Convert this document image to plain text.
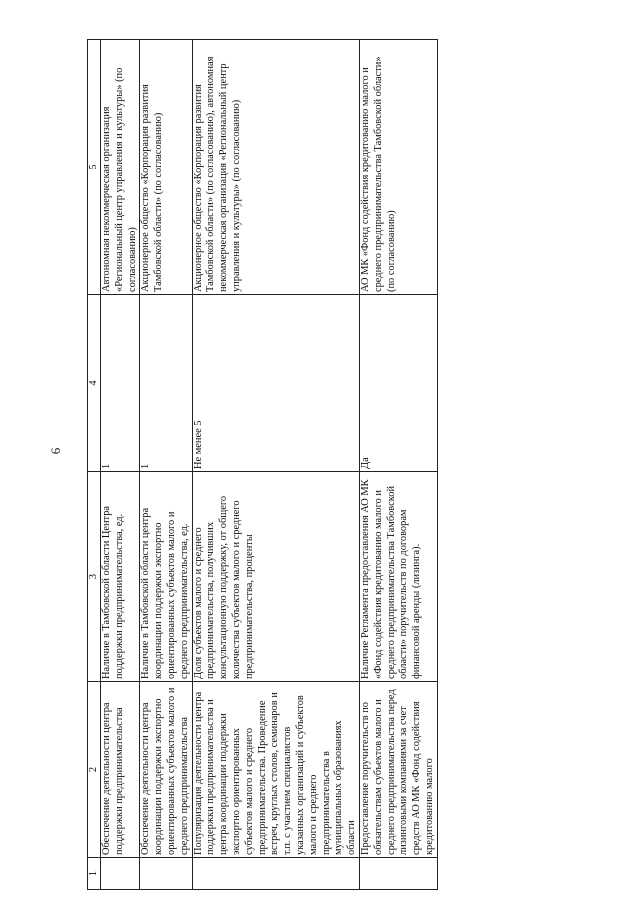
6
1	2	3	4	5
	Обеспечение деятельности центра поддержки предпринимательства	Наличие в Тамбовской области Центра поддержки предпринимательства, ед.	1	Автономная некоммерческая организация «Региональный центр управления и культуры» (по согласованию)
	Обеспечение деятельности центра координации поддержки экспортно ориентированных субъектов малого и среднего предпринимательства	Наличие в Тамбовской области центра координации поддержки экспортно ориентированных субъектов малого и среднего предпринимательства, ед.	1	Акционерное общество «Корпорация развития Тамбовской области» (по согласованию)
	Популяризация деятельности центра поддержки предпринимательства и центра координации поддержки экспортно ориентированных субъектов малого и среднего предпринимательства. Проведение встреч, круглых столов, семинаров и т.п. с участием специалистов указанных организаций и субъектов малого и среднего предпринимательства в муниципальных образованиях области	Доля субъектов малого и среднего предпринимательства, получивших консультационную поддержку, от общего количества субъектов малого и среднего предпринимательства, проценты	Не менее 5	Акционерное общество «Корпорация развития Тамбовской области» (по согласованию), автономная некоммерческая организация «Региональный центр управления и культуры» (по согласованию)
	Предоставление поручительств по обязательствам субъектов малого и среднего предпринимательства перед лизинговыми компаниями за счет средств АО МК «Фонд содействия кредитованию малого	Наличие Регламента предоставления АО МК «Фонд содействия кредитованию малого и среднего предпринимательства Тамбовской области» поручительств по договорам финансовой аренды (лизинга).	Да	АО МК «Фонд содействия кредитованию малого и среднего предпринимательства Тамбовской области» (по согласованию)
